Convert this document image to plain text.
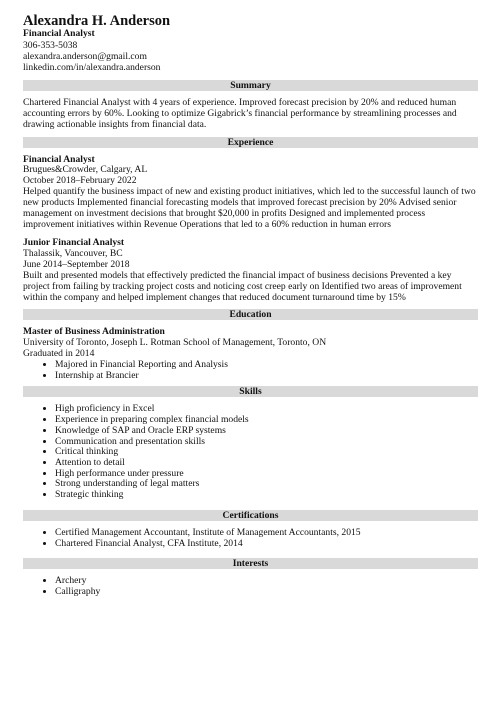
Alexandra H. Anderson
Financial Analyst
306-353-5038
alexandra.anderson@gmail.com
linkedin.com/in/alexandra.anderson
Summary

Chartered Financial Analyst with 4 years of experience. Improved forecast precision by 20% and reduced human accounting errors by 60%. Looking to optimize Gigabrick’s financial performance by streamlining processes and drawing actionable insights from financial data.

Experience
Financial Analyst
Brugues&Crowder, Calgary, AL
October 2018–February 2022

Helped quantify the business impact of new and existing product initiatives, which led to the successful launch of two new products Implemented financial forecasting models that improved forecast precision by 20% Advised senior management on investment decisions that brought $20,000 in profits Designed and implemented process improvement initiatives within Revenue Operations that led to a 60% reduction in human errors

Junior Financial Analyst
Thalassik, Vancouver, BC
June 2014–September 2018

Built and presented models that effectively predicted the financial impact of business decisions Prevented a key project from failing by tracking project costs and noticing cost creep early on Identified two areas of improvement within the company and helped implement changes that reduced document turnaround time by 15%

Education
Master of Business Administration
University of Toronto, Joseph L. Rotman School of Management, Toronto, ON
Graduated in 2014
• Majored in Financial Reporting and Analysis
• Internship at Brancier
Skills
• High proficiency in Excel
• Experience in preparing complex financial models
• Knowledge of SAP and Oracle ERP systems
• Communication and presentation skills
• Critical thinking
• Attention to detail
• High performance under pressure
• Strong understanding of legal matters
• Strategic thinking
Certifications
• Certified Management Accountant, Institute of Management Accountants, 2015
• Chartered Financial Analyst, CFA Institute, 2014
Interests
• Archery
• Calligraphy
